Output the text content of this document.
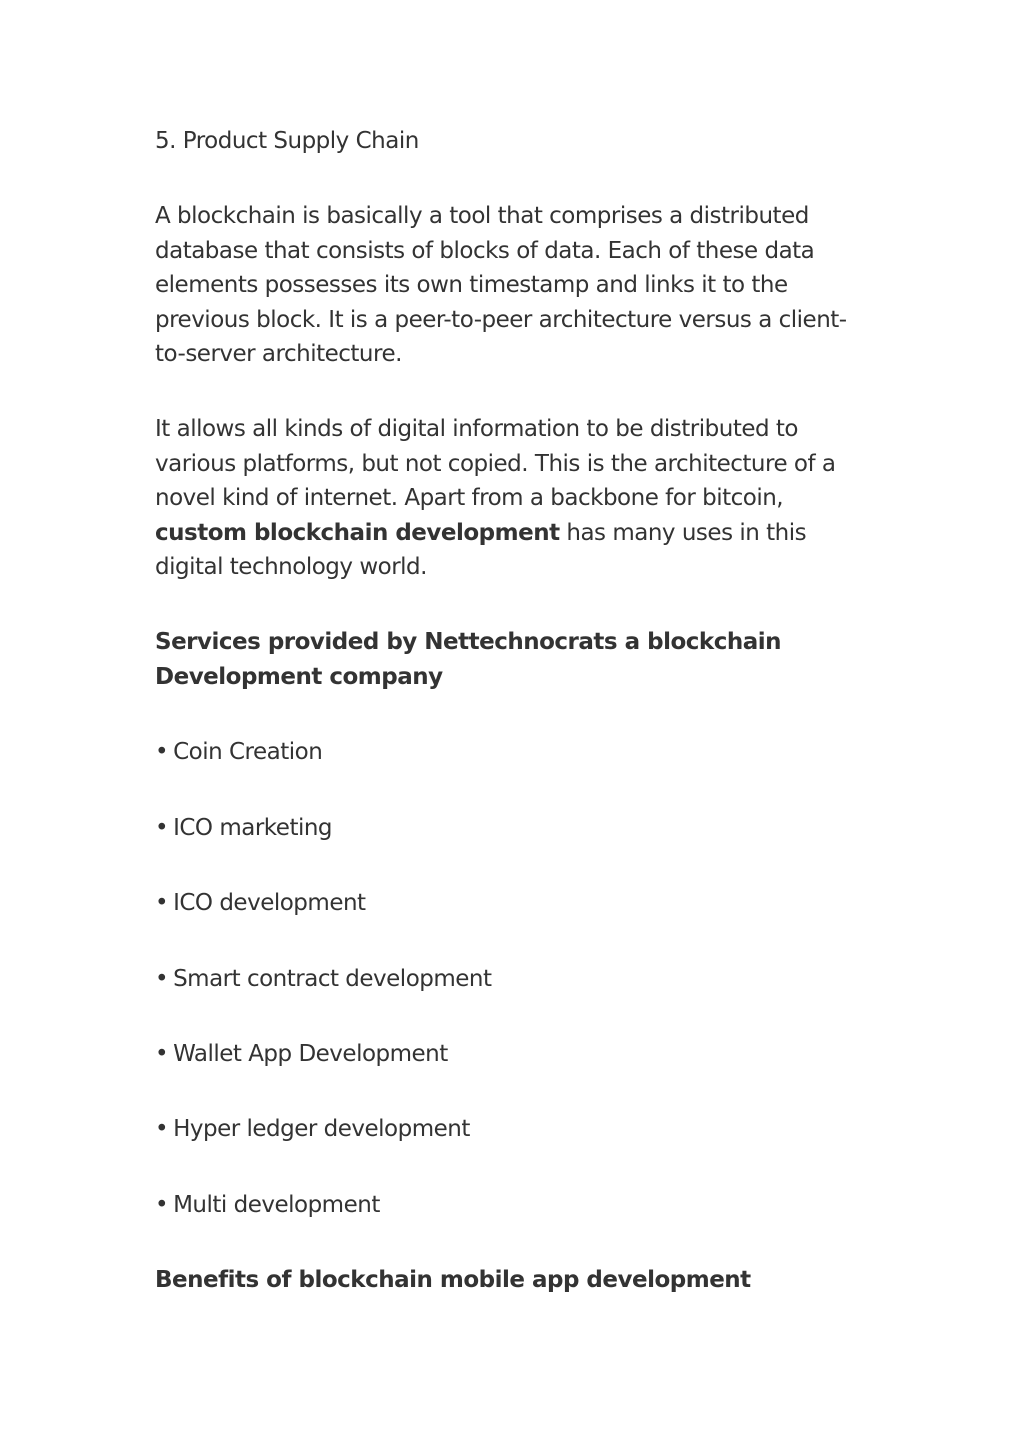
5. Product Supply Chain

A blockchain is basically a tool that comprises a distributed database that consists of blocks of data. Each of these data elements possesses its own timestamp and links it to the previous block. It is a peer-to-peer architecture versus a client-to-server architecture.

It allows all kinds of digital information to be distributed to various platforms, but not copied. This is the architecture of a novel kind of internet. Apart from a backbone for bitcoin, custom blockchain development has many uses in this digital technology world.

Services provided by Nettechnocrats a blockchain Development company

• Coin Creation
• ICO marketing
• ICO development
• Smart contract development
• Wallet App Development
• Hyper ledger development
• Multi development

Benefits of blockchain mobile app development
